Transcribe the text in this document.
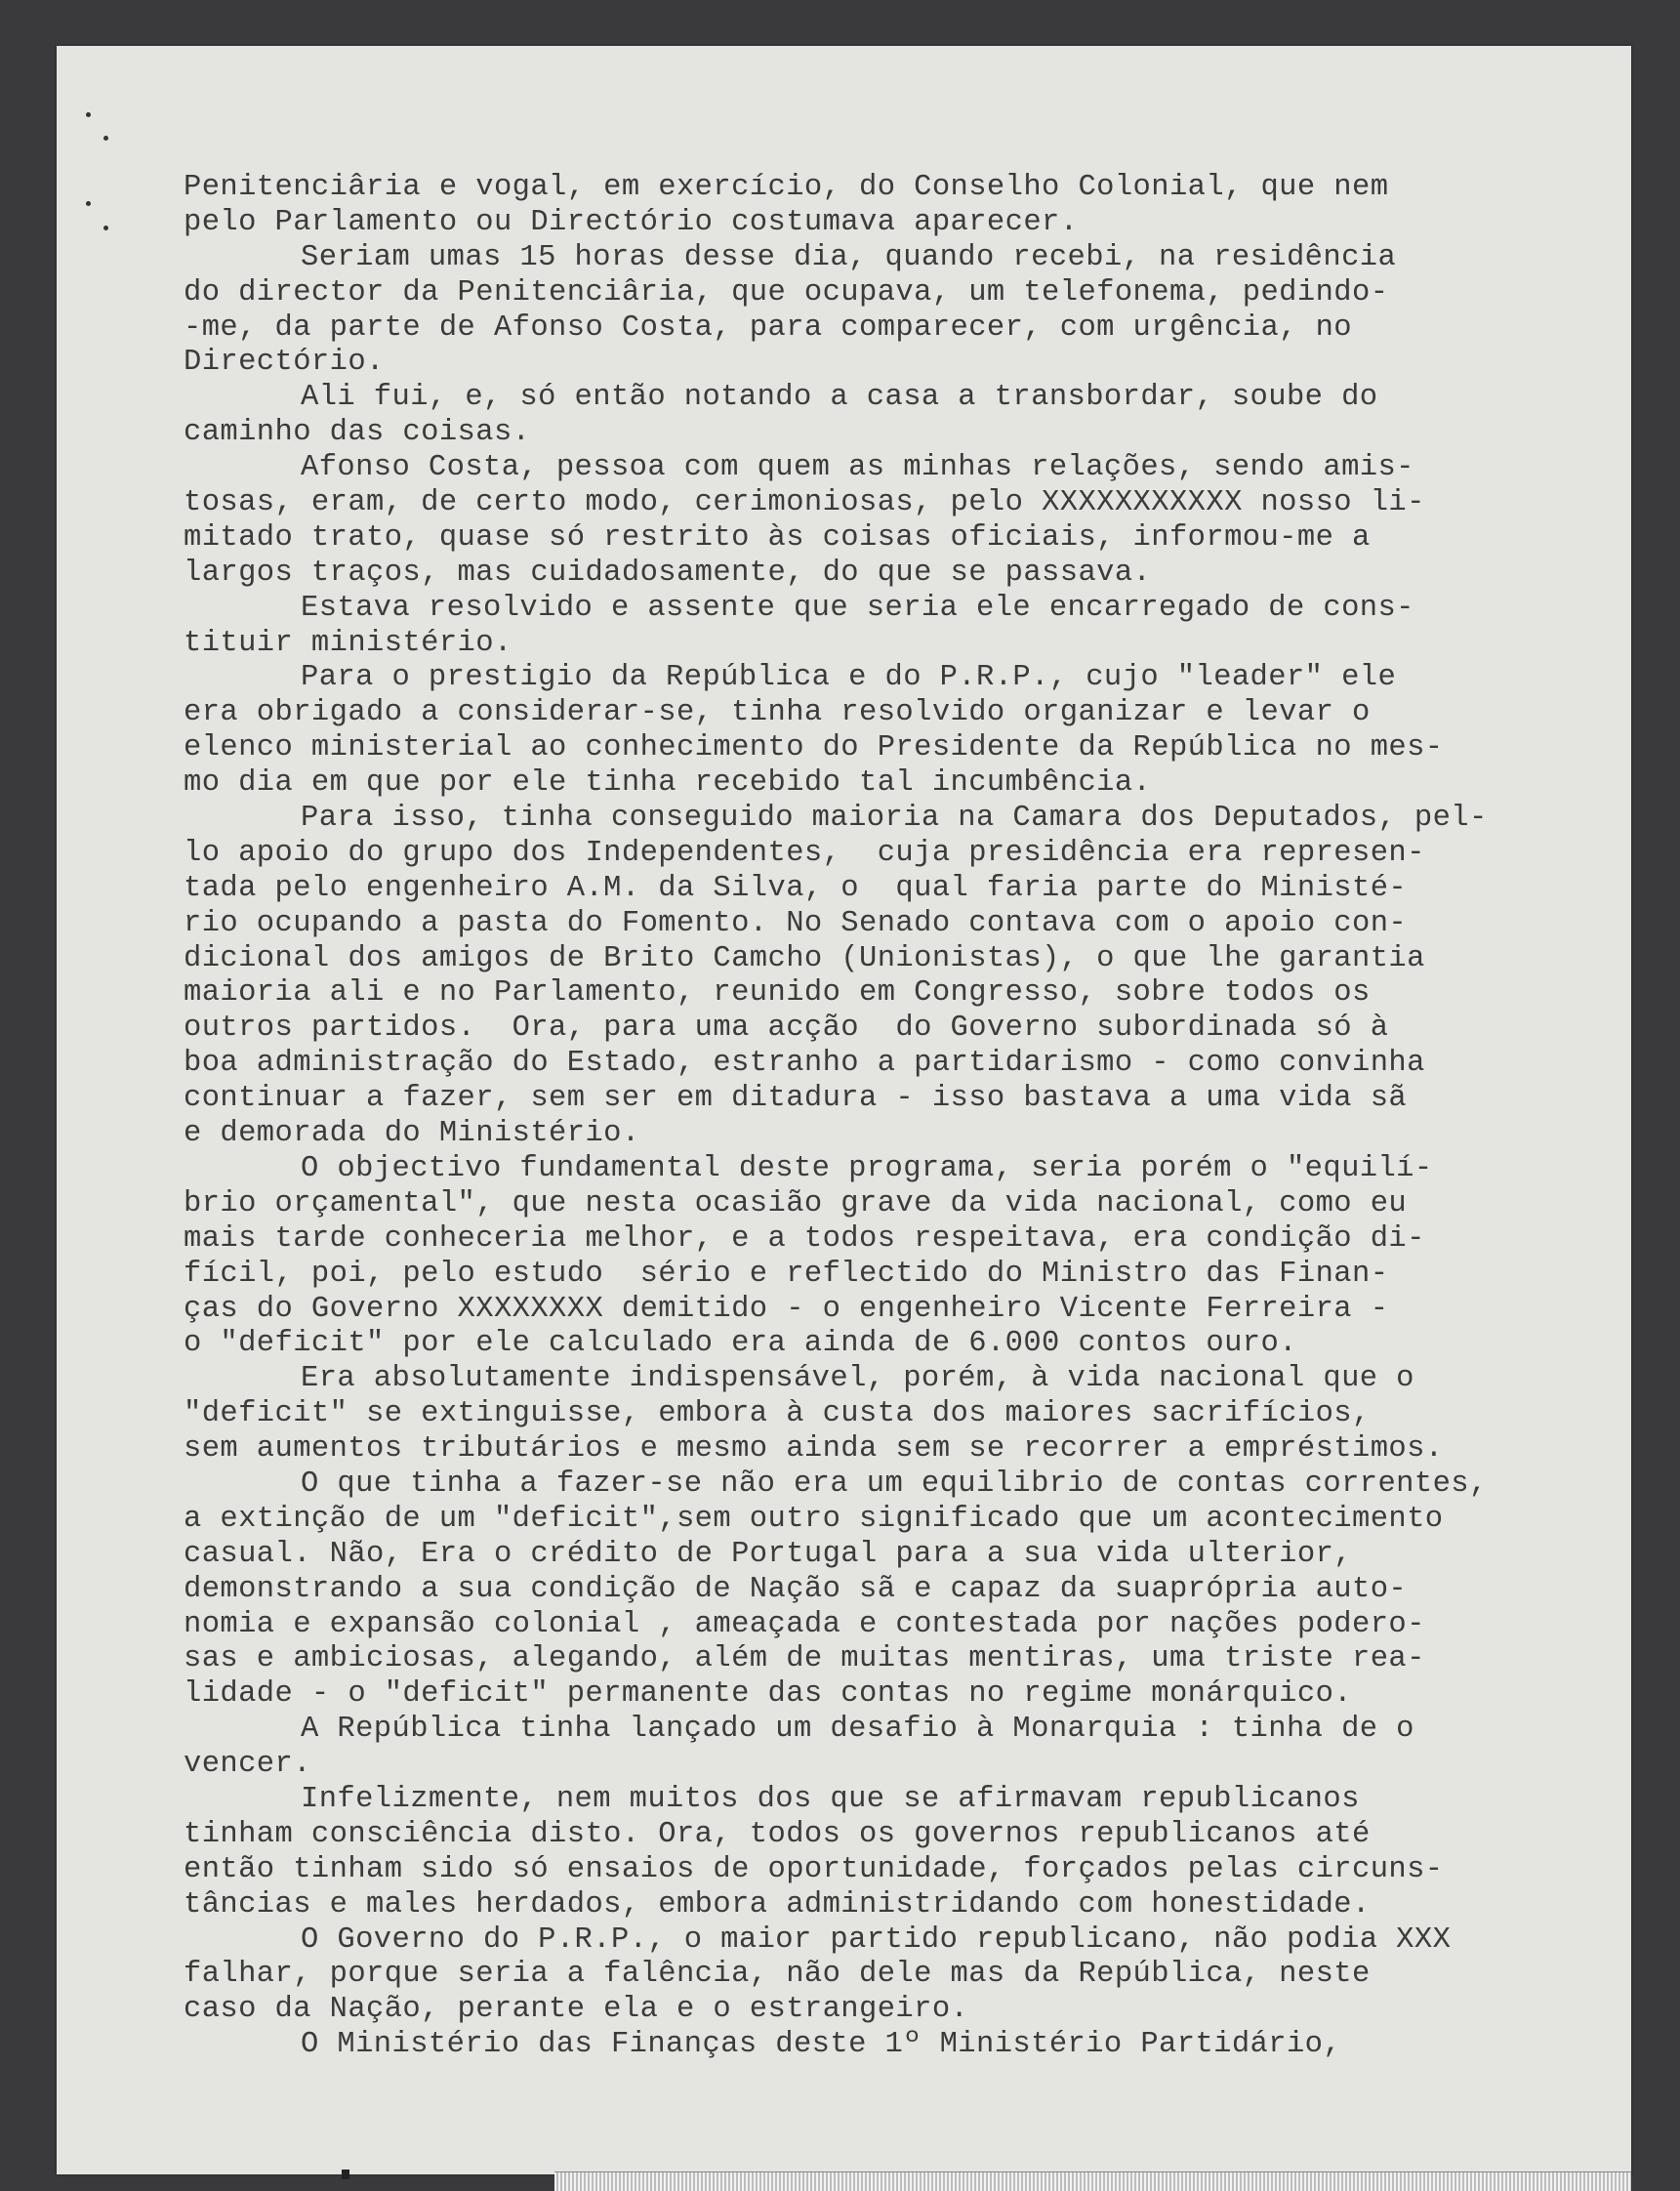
Penitenciâria e vogal, em exercício, do Conselho Colonial, que nem
pelo Parlamento ou Directório costumava aparecer.
Seriam umas 15 horas desse dia, quando recebi, na residência
do director da Penitenciâria, que ocupava, um telefonema, pedindo-
-me, da parte de Afonso Costa, para comparecer, com urgência, no
Directório.
Ali fui, e, só então notando a casa a transbordar, soube do
caminho das coisas.
Afonso Costa, pessoa com quem as minhas relações, sendo amis-
tosas, eram, de certo modo, cerimoniosas, pelo XXXXXXXXXXX nosso li-
mitado trato, quase só restrito às coisas oficiais, informou-me a
largos traços, mas cuidadosamente, do que se passava.
Estava resolvido e assente que seria ele encarregado de cons-
tituir ministério.
Para o prestigio da República e do P.R.P., cujo "leader" ele
era obrigado a considerar-se, tinha resolvido organizar e levar o
elenco ministerial ao conhecimento do Presidente da República no mes-
mo dia em que por ele tinha recebido tal incumbência.
Para isso, tinha conseguido maioria na Camara dos Deputados, pel-
lo apoio do grupo dos Independentes,  cuja presidência era represen-
tada pelo engenheiro A.M. da Silva, o  qual faria parte do Ministé-
rio ocupando a pasta do Fomento. No Senado contava com o apoio con-
dicional dos amigos de Brito Camcho (Unionistas), o que lhe garantia
maioria ali e no Parlamento, reunido em Congresso, sobre todos os
outros partidos.  Ora, para uma acção  do Governo subordinada só à
boa administração do Estado, estranho a partidarismo - como convinha
continuar a fazer, sem ser em ditadura - isso bastava a uma vida sã
e demorada do Ministério.
O objectivo fundamental deste programa, seria porém o "equilí-
brio orçamental", que nesta ocasião grave da vida nacional, como eu
mais tarde conheceria melhor, e a todos respeitava, era condição di-
fícil, poi, pelo estudo  sério e reflectido do Ministro das Finan-
ças do Governo XXXXXXXX demitido - o engenheiro Vicente Ferreira -
o "deficit" por ele calculado era ainda de 6.000 contos ouro.
Era absolutamente indispensável, porém, à vida nacional que o
"deficit" se extinguisse, embora à custa dos maiores sacrifícios,
sem aumentos tributários e mesmo ainda sem se recorrer a empréstimos.
O que tinha a fazer-se não era um equilibrio de contas correntes,
a extinção de um "deficit",sem outro significado que um acontecimento
casual. Não, Era o crédito de Portugal para a sua vida ulterior,
demonstrando a sua condição de Nação sã e capaz da suaprópria auto-
nomia e expansão colonial , ameaçada e contestada por nações podero-
sas e ambiciosas, alegando, além de muitas mentiras, uma triste rea-
lidade - o "deficit" permanente das contas no regime monárquico.
A República tinha lançado um desafio à Monarquia : tinha de o
vencer.
Infelizmente, nem muitos dos que se afirmavam republicanos
tinham consciência disto. Ora, todos os governos republicanos até
então tinham sido só ensaios de oportunidade, forçados pelas circuns-
tâncias e males herdados, embora administridando com honestidade.
O Governo do P.R.P., o maior partido republicano, não podia XXX
falhar, porque seria a falência, não dele mas da República, neste
caso da Nação, perante ela e o estrangeiro.
O Ministério das Finanças deste 1º Ministério Partidário,
